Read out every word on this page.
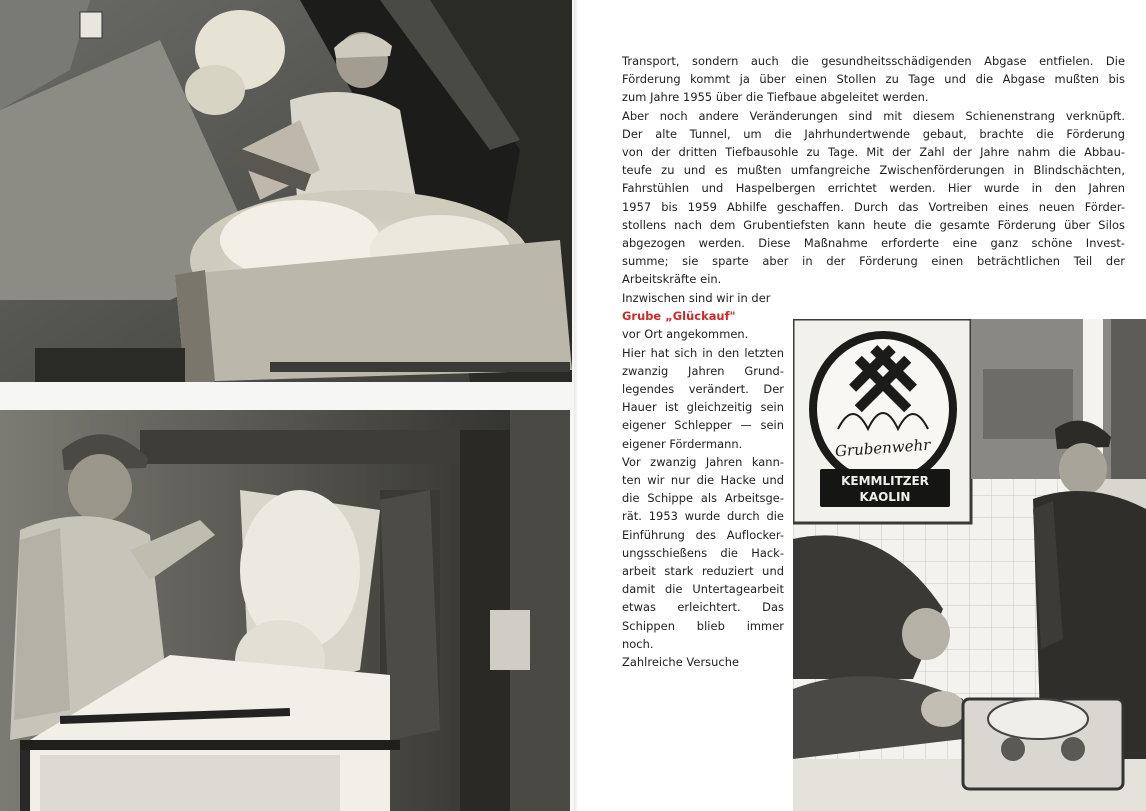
Grubenwehr
KEMMLITZER
KAOLIN

Transport, sondern auch die gesundheitsschädigenden Abgase entfielen. Die
Förderung kommt ja über einen Stollen zu Tage und die Abgase mußten bis
zum Jahre 1955 über die Tiefbaue abgeleitet werden.

Aber noch andere Veränderungen sind mit diesem Schienenstrang verknüpft.
Der alte Tunnel, um die Jahrhundertwende gebaut, brachte die Förderung
von der dritten Tiefbausohle zu Tage. Mit der Zahl der Jahre nahm die Abbau-
teufe zu und es mußten umfangreiche Zwischenförderungen in Blindschächten,
Fahrstühlen und Haspelbergen errichtet werden. Hier wurde in den Jahren
1957 bis 1959 Abhilfe geschaffen. Durch das Vortreiben eines neuen Förder-
stollens nach dem Grubentiefsten kann heute die gesamte Förderung über Silos
abgezogen werden. Diese Maßnahme erforderte eine ganz schöne Invest-
summe; sie sparte aber in der Förderung einen beträchtlichen Teil der
Arbeitskräfte ein.

Inzwischen sind wir in der
Grube „Glückauf"
vor Ort angekommen.
Hier hat sich in den letzten
zwanzig Jahren Grund-
legendes verändert. Der
Hauer ist gleichzeitig sein
eigener Schlepper — sein
eigener Fördermann.

Vor zwanzig Jahren kann-
ten wir nur die Hacke und
die Schippe als Arbeitsge-
rät. 1953 wurde durch die
Einführung des Auflocker-
ungsschießens die Hack-
arbeit stark reduziert und
damit die Untertagearbeit
etwas erleichtert. Das
Schippen blieb immer
noch.

Zahlreiche Versuche
